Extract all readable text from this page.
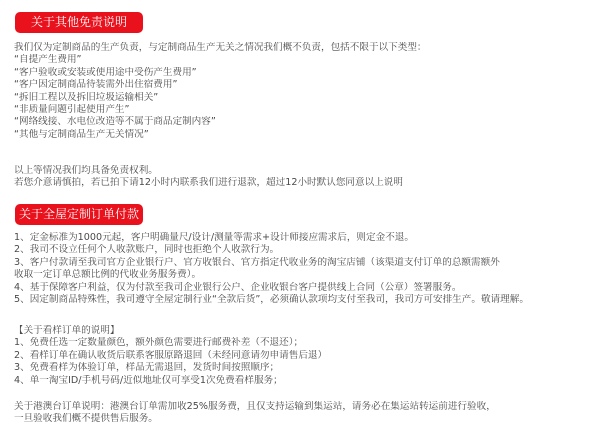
关于其他免责说明
我们仅为定制商品的生产负责，与定制商品生产无关之情况我们概不负责，包括不限于以下类型：
“自提产生费用”
“客户验收或安装或使用途中受伤产生费用”
“客户因定制商品待装需外出住宿费用”
“拆旧工程以及拆旧垃圾运输相关”
“非质量问题引起使用产生”
“网络线接、水电位改造等不属于商品定制内容”
“其他与定制商品生产无关情况”
以上等情况我们均具备免责权利。
若您介意请慎拍，若已拍下请12小时内联系我们进行退款，超过12小时默认您同意以上说明
关于全屋定制订单付款
1、定金标准为1000元起，客户明确量尺/设计/测量等需求+设计师接应需求后，则定金不退。
2、我司不设立任何个人收款账户，同时也拒绝个人收款行为。
3、客户付款请至我司官方企业银行户、官方收银台、官方指定代收业务的淘宝店铺（该渠道支付订单的总额需额外
收取一定订单总额比例的代收业务服务费）。
4、基于保障客户利益，仅为付款至我司企业银行公户、企业收银台客户提供线上合同（公章）签署服务。
5、因定制商品特殊性，我司遵守全屋定制行业“全款后货”，必须确认款项均支付至我司，我司方可安排生产。敬请理解。
【关于看样订单的说明】
1、免费任选一定数量颜色，额外颜色需要进行邮费补差（不退还）；
2、看样订单在确认收货后联系客服原路退回（未经同意请勿申请售后退）
3、免费看样为体验订单，样品无需退回，发货时间按照顺序；
4、单一淘宝ID/手机号码/近似地址仅可享受1次免费看样服务；
关于港澳台订单说明：港澳台订单需加收25%服务费，且仅支持运输到集运站，请务必在集运站转运前进行验收，
一旦验收我们概不提供售后服务。
